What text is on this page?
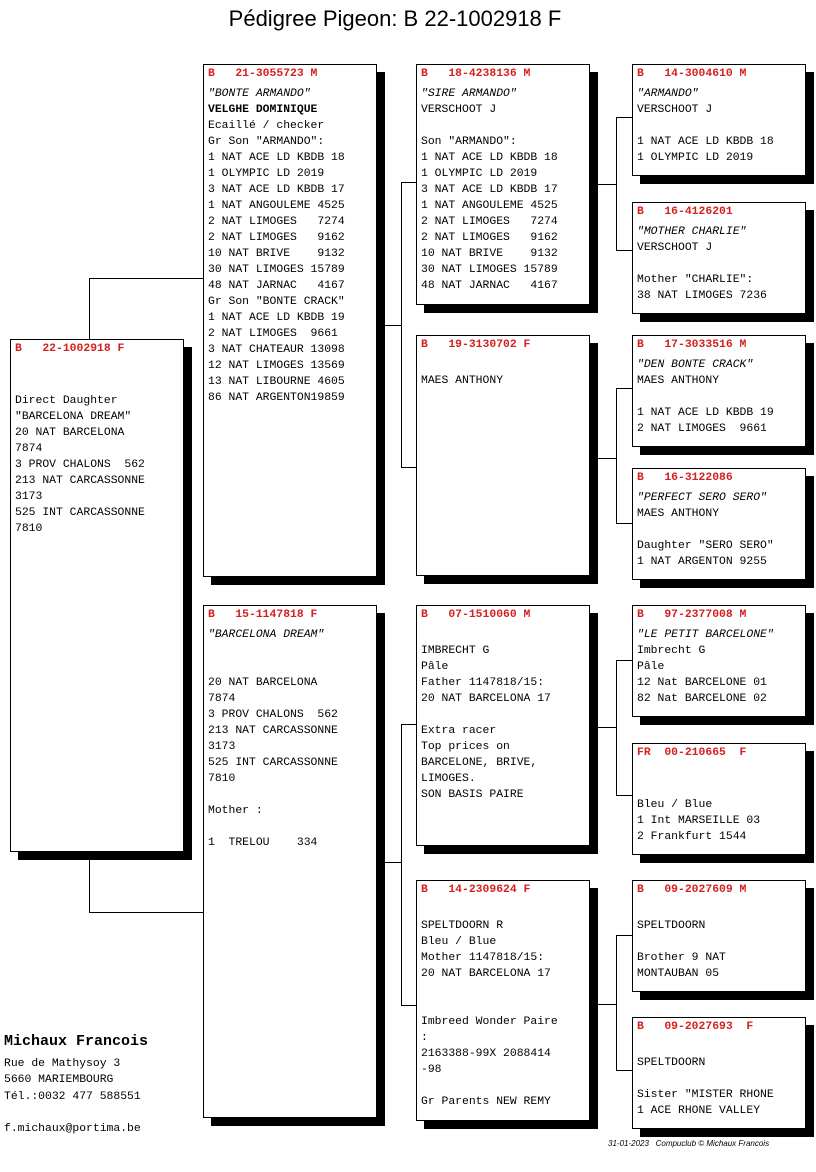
Pédigree Pigeon: B 22-1002918 F
B   22-1002918 F
Direct Daughter
"BARCELONA DREAM"
20 NAT BARCELONA
7874
3 PROV CHALONS  562
213 NAT CARCASSONNE
3173
525 INT CARCASSONNE
7810
B   21-3055723 M
"BONTE ARMANDO"
VELGHE DOMINIQUE
Ecaillé / checker
Gr Son "ARMANDO":
1 NAT ACE LD KBDB 18
1 OLYMPIC LD 2019
3 NAT ACE LD KBDB 17
1 NAT ANGOULEME 4525
2 NAT LIMOGES   7274
2 NAT LIMOGES   9162
10 NAT BRIVE    9132
30 NAT LIMOGES 15789
48 NAT JARNAC   4167
Gr Son "BONTE CRACK"
1 NAT ACE LD KBDB 19
2 NAT LIMOGES  9661
3 NAT CHATEAUR 13098
12 NAT LIMOGES 13569
13 NAT LIBOURNE 4605
86 NAT ARGENTON19859
B   15-1147818 F
"BARCELONA DREAM"
20 NAT BARCELONA
7874
3 PROV CHALONS  562
213 NAT CARCASSONNE
3173
525 INT CARCASSONNE
7810
Mother :
1  TRELOU    334
B   18-4238136 M
"SIRE ARMANDO"
VERSCHOOT J
Son "ARMANDO":
1 NAT ACE LD KBDB 18
1 OLYMPIC LD 2019
3 NAT ACE LD KBDB 17
1 NAT ANGOULEME 4525
2 NAT LIMOGES   7274
2 NAT LIMOGES   9162
10 NAT BRIVE    9132
30 NAT LIMOGES 15789
48 NAT JARNAC   4167
B   19-3130702 F
MAES ANTHONY
B   07-1510060 M
IMBRECHT G
Pâle
Father 1147818/15:
20 NAT BARCELONA 17
Extra racer
Top prices on
BARCELONE, BRIVE,
LIMOGES.
SON BASIS PAIRE
B   14-2309624 F
SPELTDOORN R
Bleu / Blue
Mother 1147818/15:
20 NAT BARCELONA 17
Imbreed Wonder Paire
:
2163388-99X 2088414
-98
Gr Parents NEW REMY
B   14-3004610 M
"ARMANDO"
VERSCHOOT J
1 NAT ACE LD KBDB 18
1 OLYMPIC LD 2019
B   16-4126201
"MOTHER CHARLIE"
VERSCHOOT J
Mother "CHARLIE":
38 NAT LIMOGES 7236
B   17-3033516 M
"DEN BONTE CRACK"
MAES ANTHONY
1 NAT ACE LD KBDB 19
2 NAT LIMOGES  9661
B   16-3122086
"PERFECT SERO SERO"
MAES ANTHONY
Daughter "SERO SERO"
1 NAT ARGENTON 9255
B   97-2377008 M
"LE PETIT BARCELONE"
Imbrecht G
Pâle
12 Nat BARCELONE 01
82 Nat BARCELONE 02
FR  00-210665  F
Bleu / Blue
1 Int MARSEILLE 03
2 Frankfurt 1544
B   09-2027609 M
SPELTDOORN
Brother 9 NAT
MONTAUBAN 05
B   09-2027693  F
SPELTDOORN
Sister "MISTER RHONE
1 ACE RHONE VALLEY
Michaux Francois
Rue de Mathysoy 3
5660 MARIEMBOURG
Tél.:0032 477 588551
f.michaux@portima.be
31-01-2023   Compuclub © Michaux Francois
